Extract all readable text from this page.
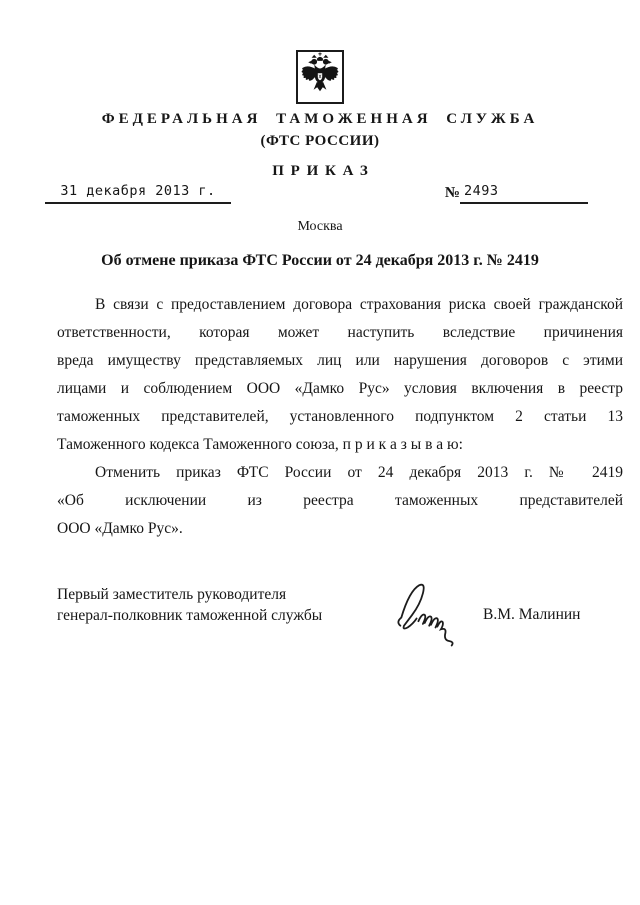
ФЕДЕРАЛЬНАЯ ТАМОЖЕННАЯ СЛУЖБА
(ФТС РОССИИ)
ПРИКАЗ
31 декабря 2013 г.	№ 2493
Москва
Об отмене приказа ФТС России от 24 декабря 2013 г. № 2419
В связи с предоставлением договора страхования риска своей гражданской
ответственности, которая может наступить вследствие причинения
вреда имуществу представляемых лиц или нарушения договоров с этими
лицами и соблюдением ООО «Дамко Рус» условия включения в реестр
таможенных представителей, установленного подпунктом 2 статьи 13
Таможенного кодекса Таможенного союза, п р и к а з ы в а ю:
Отменить приказ ФТС России от 24 декабря 2013 г. № 2419
«Об исключении из реестра таможенных представителей
ООО «Дамко Рус».
Первый заместитель руководителя
генерал-полковник таможенной службы	В.М. Малинин
